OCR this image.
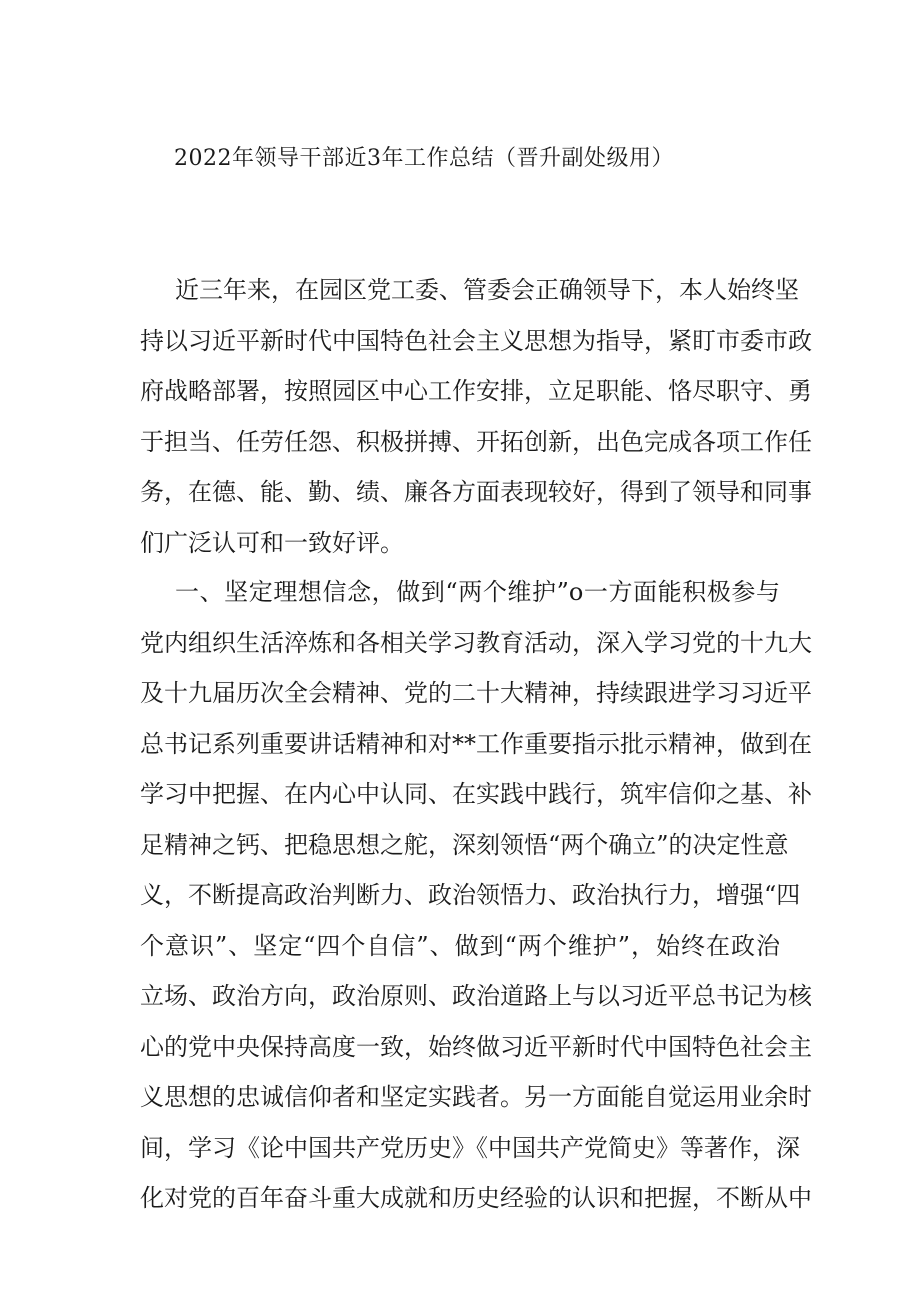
2022年领导干部近3年工作总结（晋升副处级用）
近三年来，在园区党工委、管委会正确领导下，本人始终坚
持以习近平新时代中国特色社会主义思想为指导，紧盯市委市政
府战略部署，按照园区中心工作安排，立足职能、恪尽职守、勇
于担当、任劳任怨、积极拼搏、开拓创新，出色完成各项工作任
务，在德、能、勤、绩、廉各方面表现较好，得到了领导和同事
们广泛认可和一致好评。
一、坚定理想信念，做到“两个维护”o一方面能积极参与
党内组织生活淬炼和各相关学习教育活动，深入学习党的十九大
及十九届历次全会精神、党的二十大精神，持续跟进学习习近平
总书记系列重要讲话精神和对**工作重要指示批示精神，做到在
学习中把握、在内心中认同、在实践中践行，筑牢信仰之基、补
足精神之钙、把稳思想之舵，深刻领悟“两个确立”的决定性意
义，不断提高政治判断力、政治领悟力、政治执行力，增强“四
个意识”、坚定“四个自信”、做到“两个维护”，始终在政治
立场、政治方向，政治原则、政治道路上与以习近平总书记为核
心的党中央保持高度一致，始终做习近平新时代中国特色社会主
义思想的忠诚信仰者和坚定实践者。另一方面能自觉运用业余时
间，学习《论中国共产党历史》《中国共产党简史》等著作，深
化对党的百年奋斗重大成就和历史经验的认识和把握，不断从中
